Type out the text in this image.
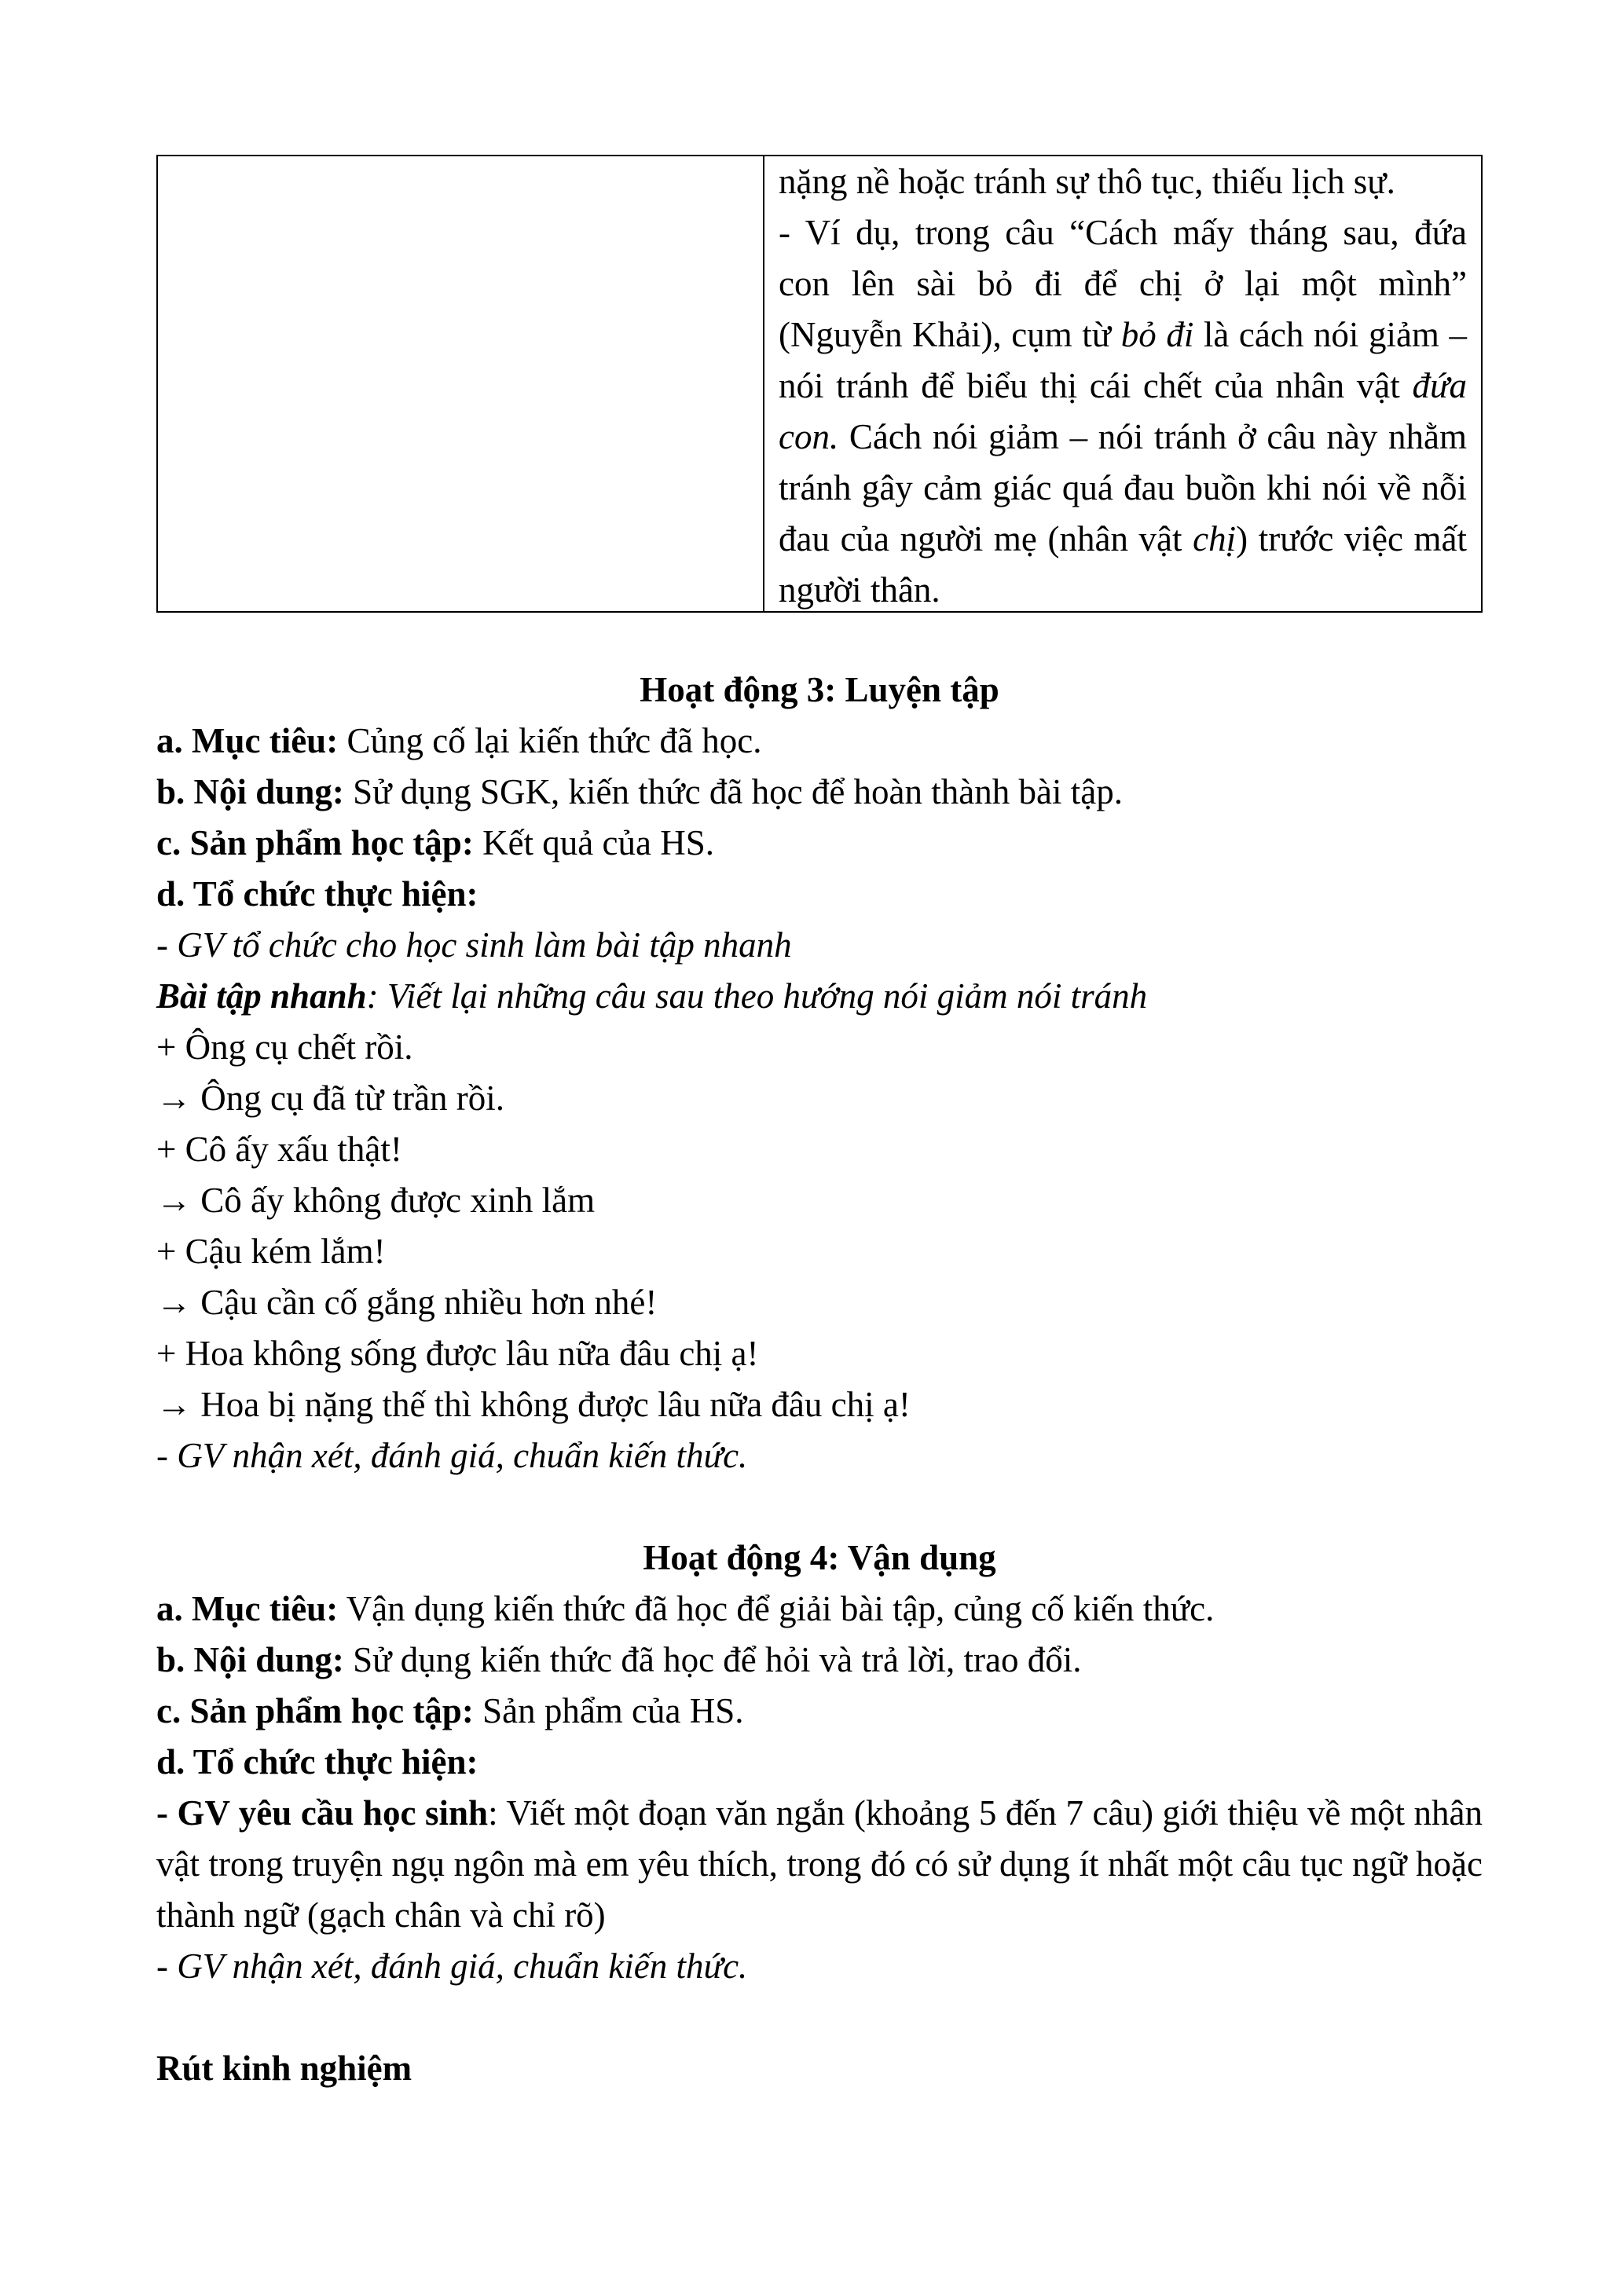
nặng nề hoặc tránh sự thô tục, thiếu lịch sự.

- Ví dụ, trong câu “Cách mấy tháng sau, đứa con lên sài bỏ đi để chị ở lại một mình” (Nguyễn Khải), cụm từ bỏ đi là cách nói giảm – nói tránh để biểu thị cái chết của nhân vật đứa con. Cách nói giảm – nói tránh ở câu này nhằm tránh gây cảm giác quá đau buồn khi nói về nỗi đau của người mẹ (nhân vật chị) trước việc mất người thân.

Hoạt động 3: Luyện tập

a. Mục tiêu: Củng cố lại kiến thức đã học.

b. Nội dung: Sử dụng SGK, kiến thức đã học để hoàn thành bài tập.

c. Sản phẩm học tập: Kết quả của HS.

d. Tổ chức thực hiện:

- GV tổ chức cho học sinh làm bài tập nhanh

Bài tập nhanh: Viết lại những câu sau theo hướng nói giảm nói tránh

+ Ông cụ chết rồi.

→ Ông cụ đã từ trần rồi.

+ Cô ấy xấu thật!

→ Cô ấy không được xinh lắm

+ Cậu kém lắm!

→ Cậu cần cố gắng nhiều hơn nhé!

+ Hoa không sống được lâu nữa đâu chị ạ!

→ Hoa bị nặng thế thì không được lâu nữa đâu chị ạ!

- GV nhận xét, đánh giá, chuẩn kiến thức.

Hoạt động 4: Vận dụng

a. Mục tiêu: Vận dụng kiến thức đã học để giải bài tập, củng cố kiến thức.

b. Nội dung: Sử dụng kiến thức đã học để hỏi và trả lời, trao đổi.

c. Sản phẩm học tập: Sản phẩm của HS.

d. Tổ chức thực hiện:

- GV yêu cầu học sinh: Viết một đoạn văn ngắn (khoảng 5 đến 7 câu) giới thiệu về một nhân vật trong truyện ngụ ngôn mà em yêu thích, trong đó có sử dụng ít nhất một câu tục ngữ hoặc thành ngữ (gạch chân và chỉ rõ)

- GV nhận xét, đánh giá, chuẩn kiến thức.

Rút kinh nghiệm
